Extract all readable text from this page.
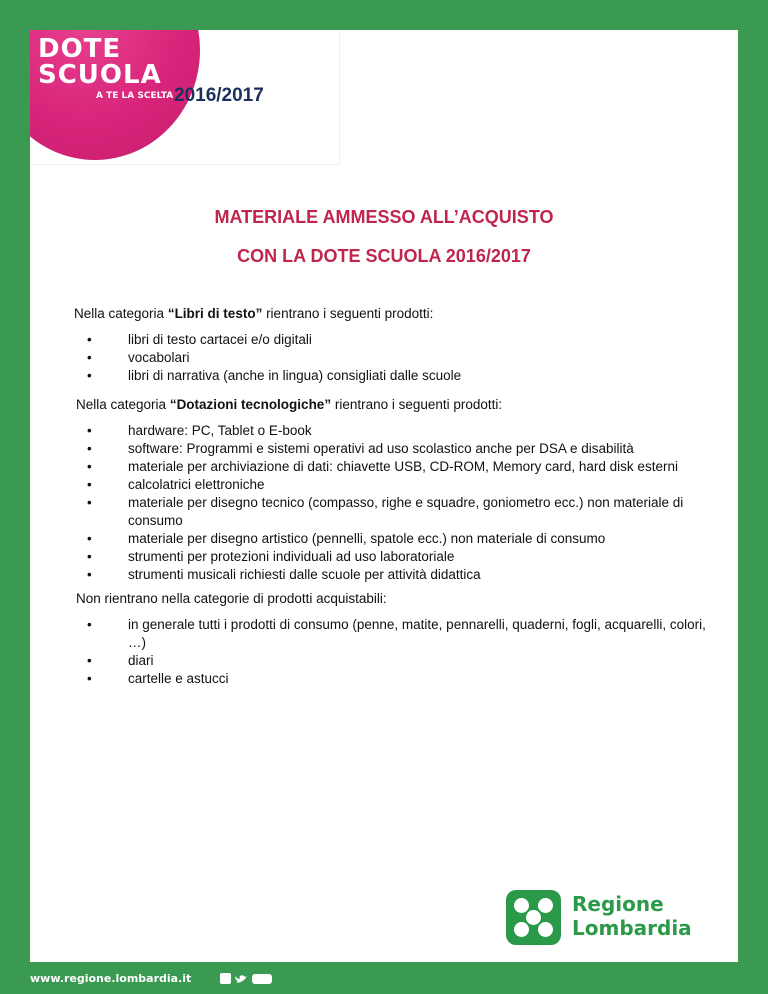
DOTE
SCUOLA
A TE LA SCELTA 2016/2017
MATERIALE AMMESSO ALL’ACQUISTO
CON LA DOTE SCUOLA 2016/2017
Nella categoria “Libri di testo” rientrano i seguenti prodotti:
•	libri di testo cartacei e/o digitali
•	vocabolari
•	libri di narrativa (anche in lingua) consigliati dalle scuole
Nella categoria “Dotazioni tecnologiche” rientrano i seguenti prodotti:
•	hardware: PC, Tablet o E-book
•	software: Programmi e sistemi operativi ad uso scolastico anche per DSA e disabilità
•	materiale per archiviazione di dati: chiavette USB, CD-ROM, Memory card, hard disk esterni
•	calcolatrici elettroniche
•	materiale per disegno tecnico (compasso, righe e squadre, goniometro ecc.) non materiale di consumo
•	materiale per disegno artistico (pennelli, spatole ecc.) non materiale di consumo
•	strumenti per protezioni individuali ad uso laboratoriale
•	strumenti musicali richiesti dalle scuole per attività didattica
Non rientrano nella categorie di prodotti acquistabili:
•	in generale tutti i prodotti di consumo (penne, matite, pennarelli, quaderni, fogli, acquarelli, colori, …)
•	diari
•	cartelle e astucci
Regione
Lombardia
www.regione.lombardia.it
